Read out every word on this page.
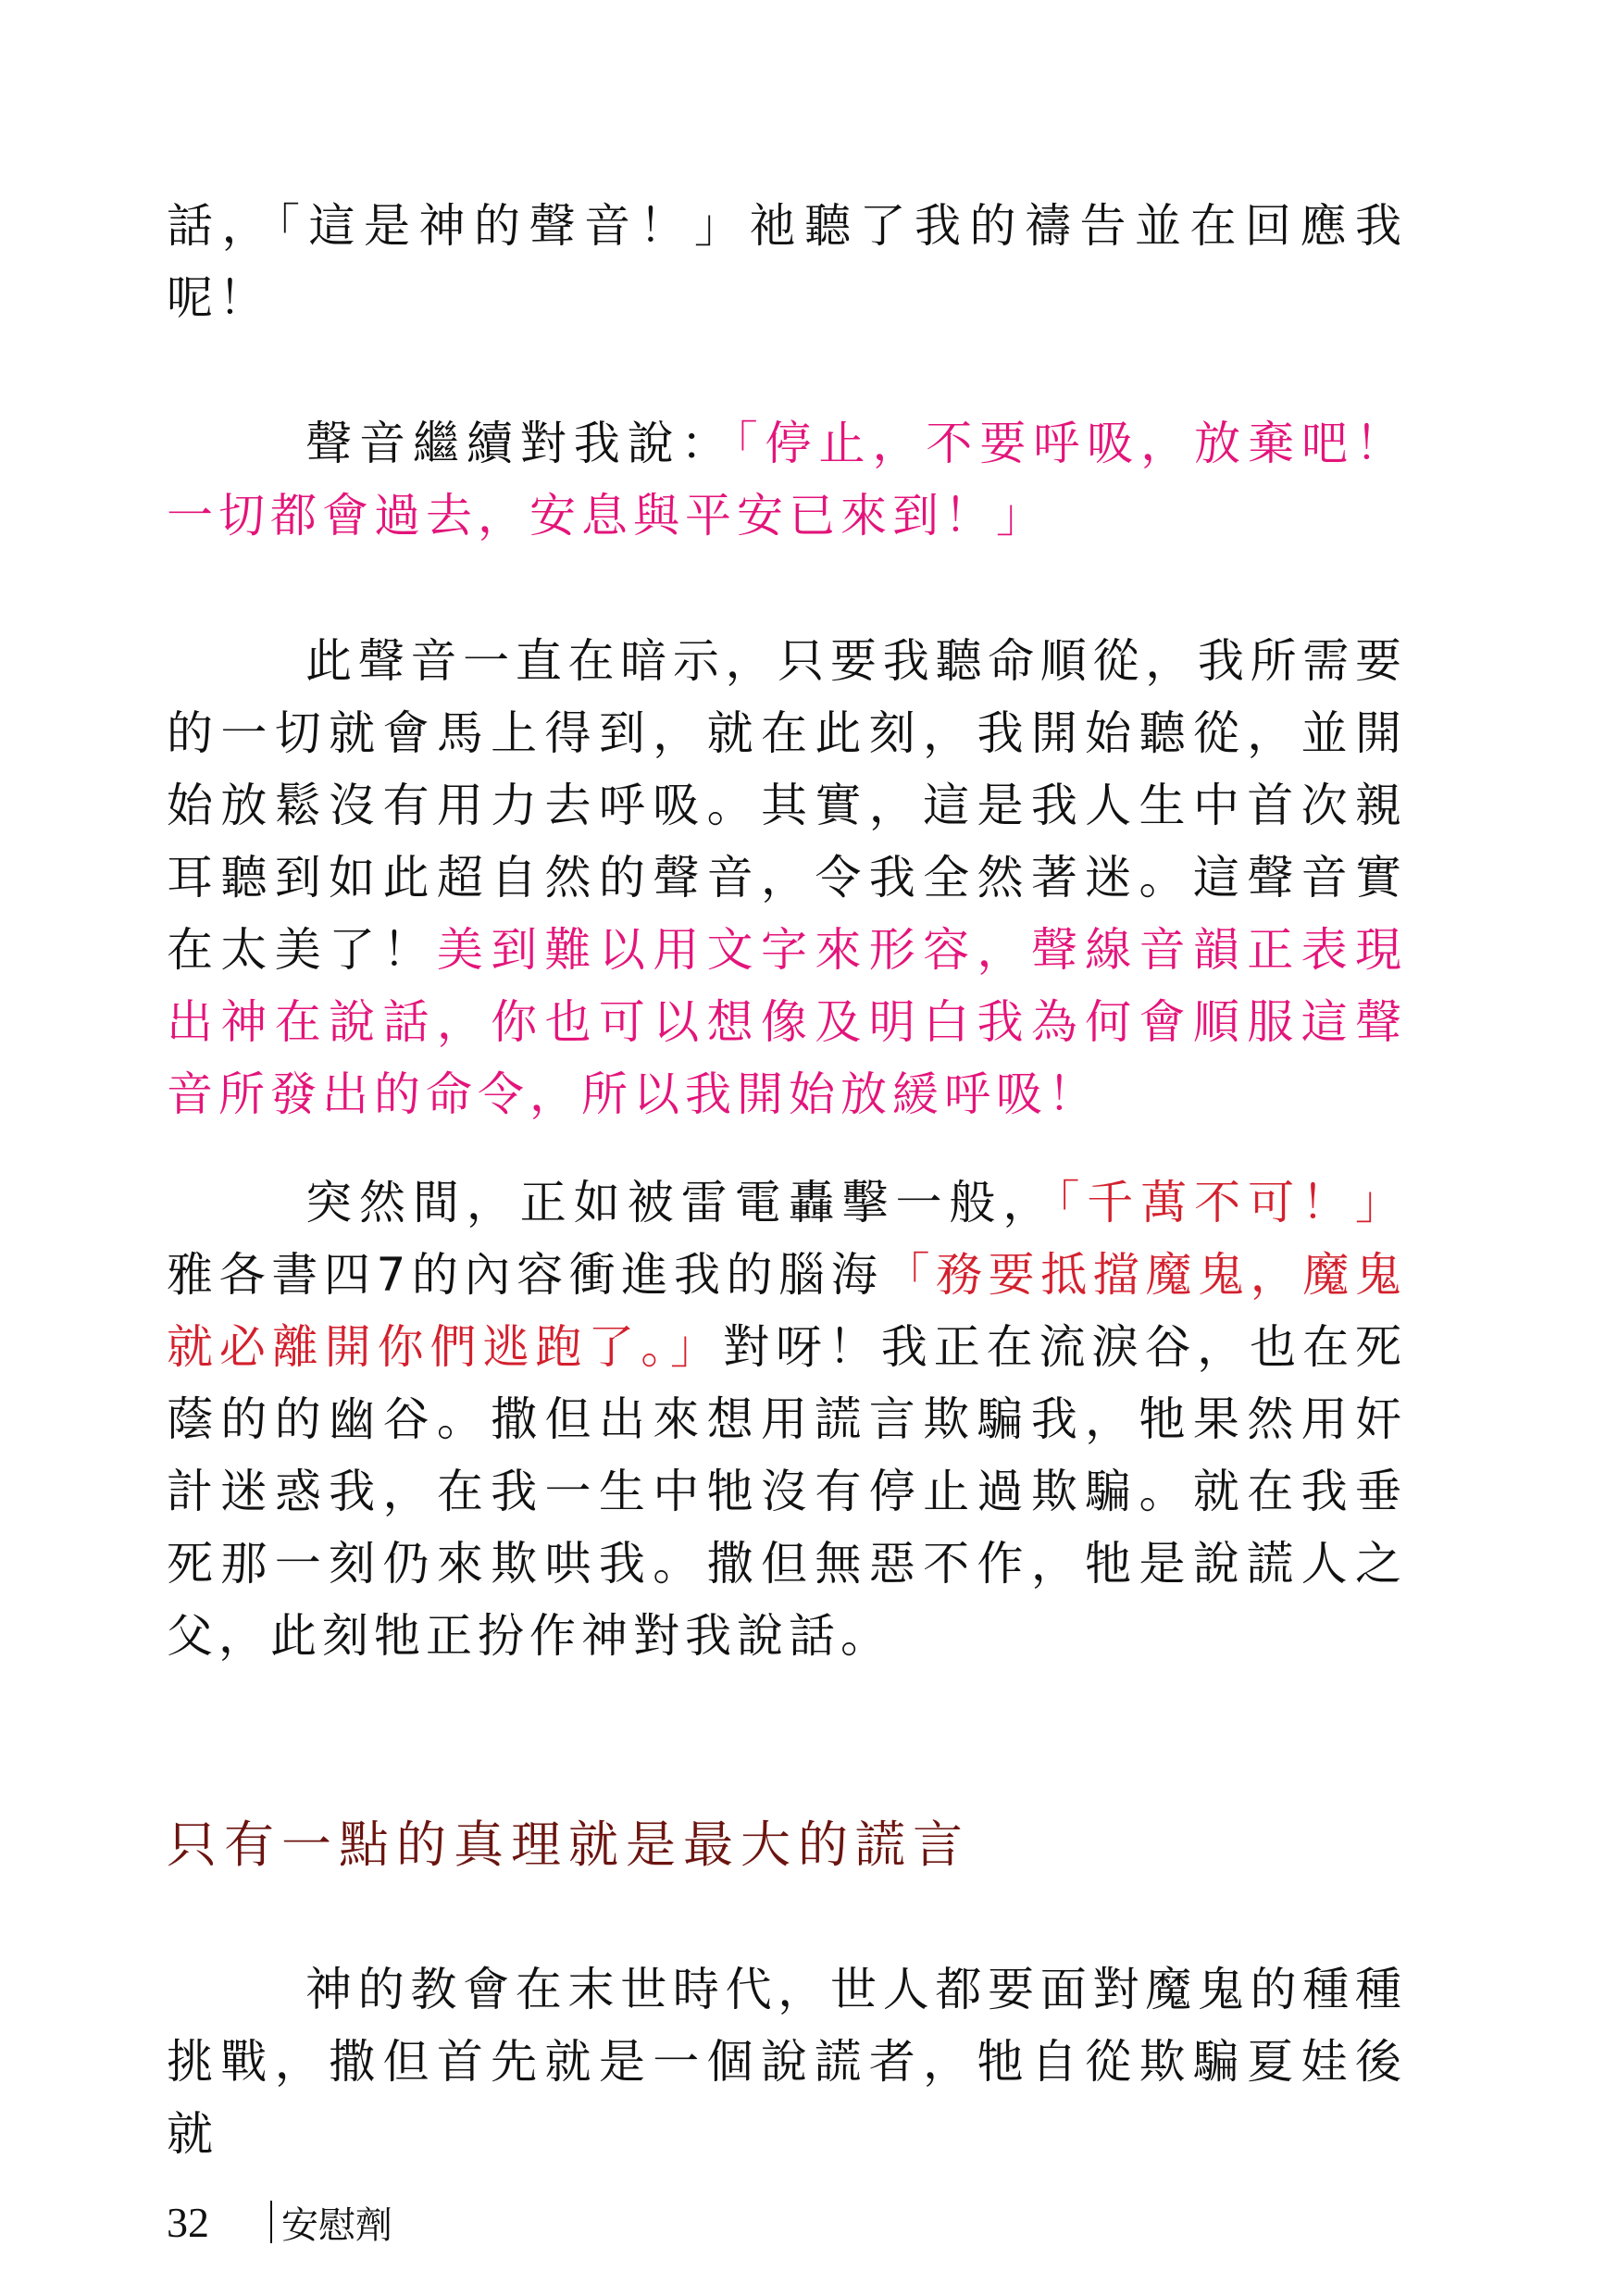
話，「這是神的聲音！」祂聽了我的禱告並在回應我呢！

聲音繼續對我說：「停止，不要呼吸，放棄吧！一切都會過去，安息與平安已來到！」

此聲音一直在暗示，只要我聽命順從，我所需要的一切就會馬上得到，就在此刻，我開始聽從，並開始放鬆沒有用力去呼吸。其實，這是我人生中首次親耳聽到如此超自然的聲音，令我全然著迷。這聲音實在太美了！美到難以用文字來形容，聲線音韻正表現出神在說話，你也可以想像及明白我為何會順服這聲音所發出的命令，所以我開始放緩呼吸！

突然間，正如被雷電轟擊一般，「千萬不可！」雅各書四7的內容衝進我的腦海「務要抵擋魔鬼，魔鬼就必離開你們逃跑了。」對呀！我正在流淚谷，也在死蔭的的幽谷。撒但出來想用謊言欺騙我，牠果然用奸計迷惑我，在我一生中牠沒有停止過欺騙。就在我垂死那一刻仍來欺哄我。撒但無惡不作，牠是說謊人之父，此刻牠正扮作神對我說話。

只有一點的真理就是最大的謊言

神的教會在末世時代，世人都要面對魔鬼的種種挑戰，撒但首先就是一個說謊者，牠自從欺騙夏娃後就

32 安慰劑
